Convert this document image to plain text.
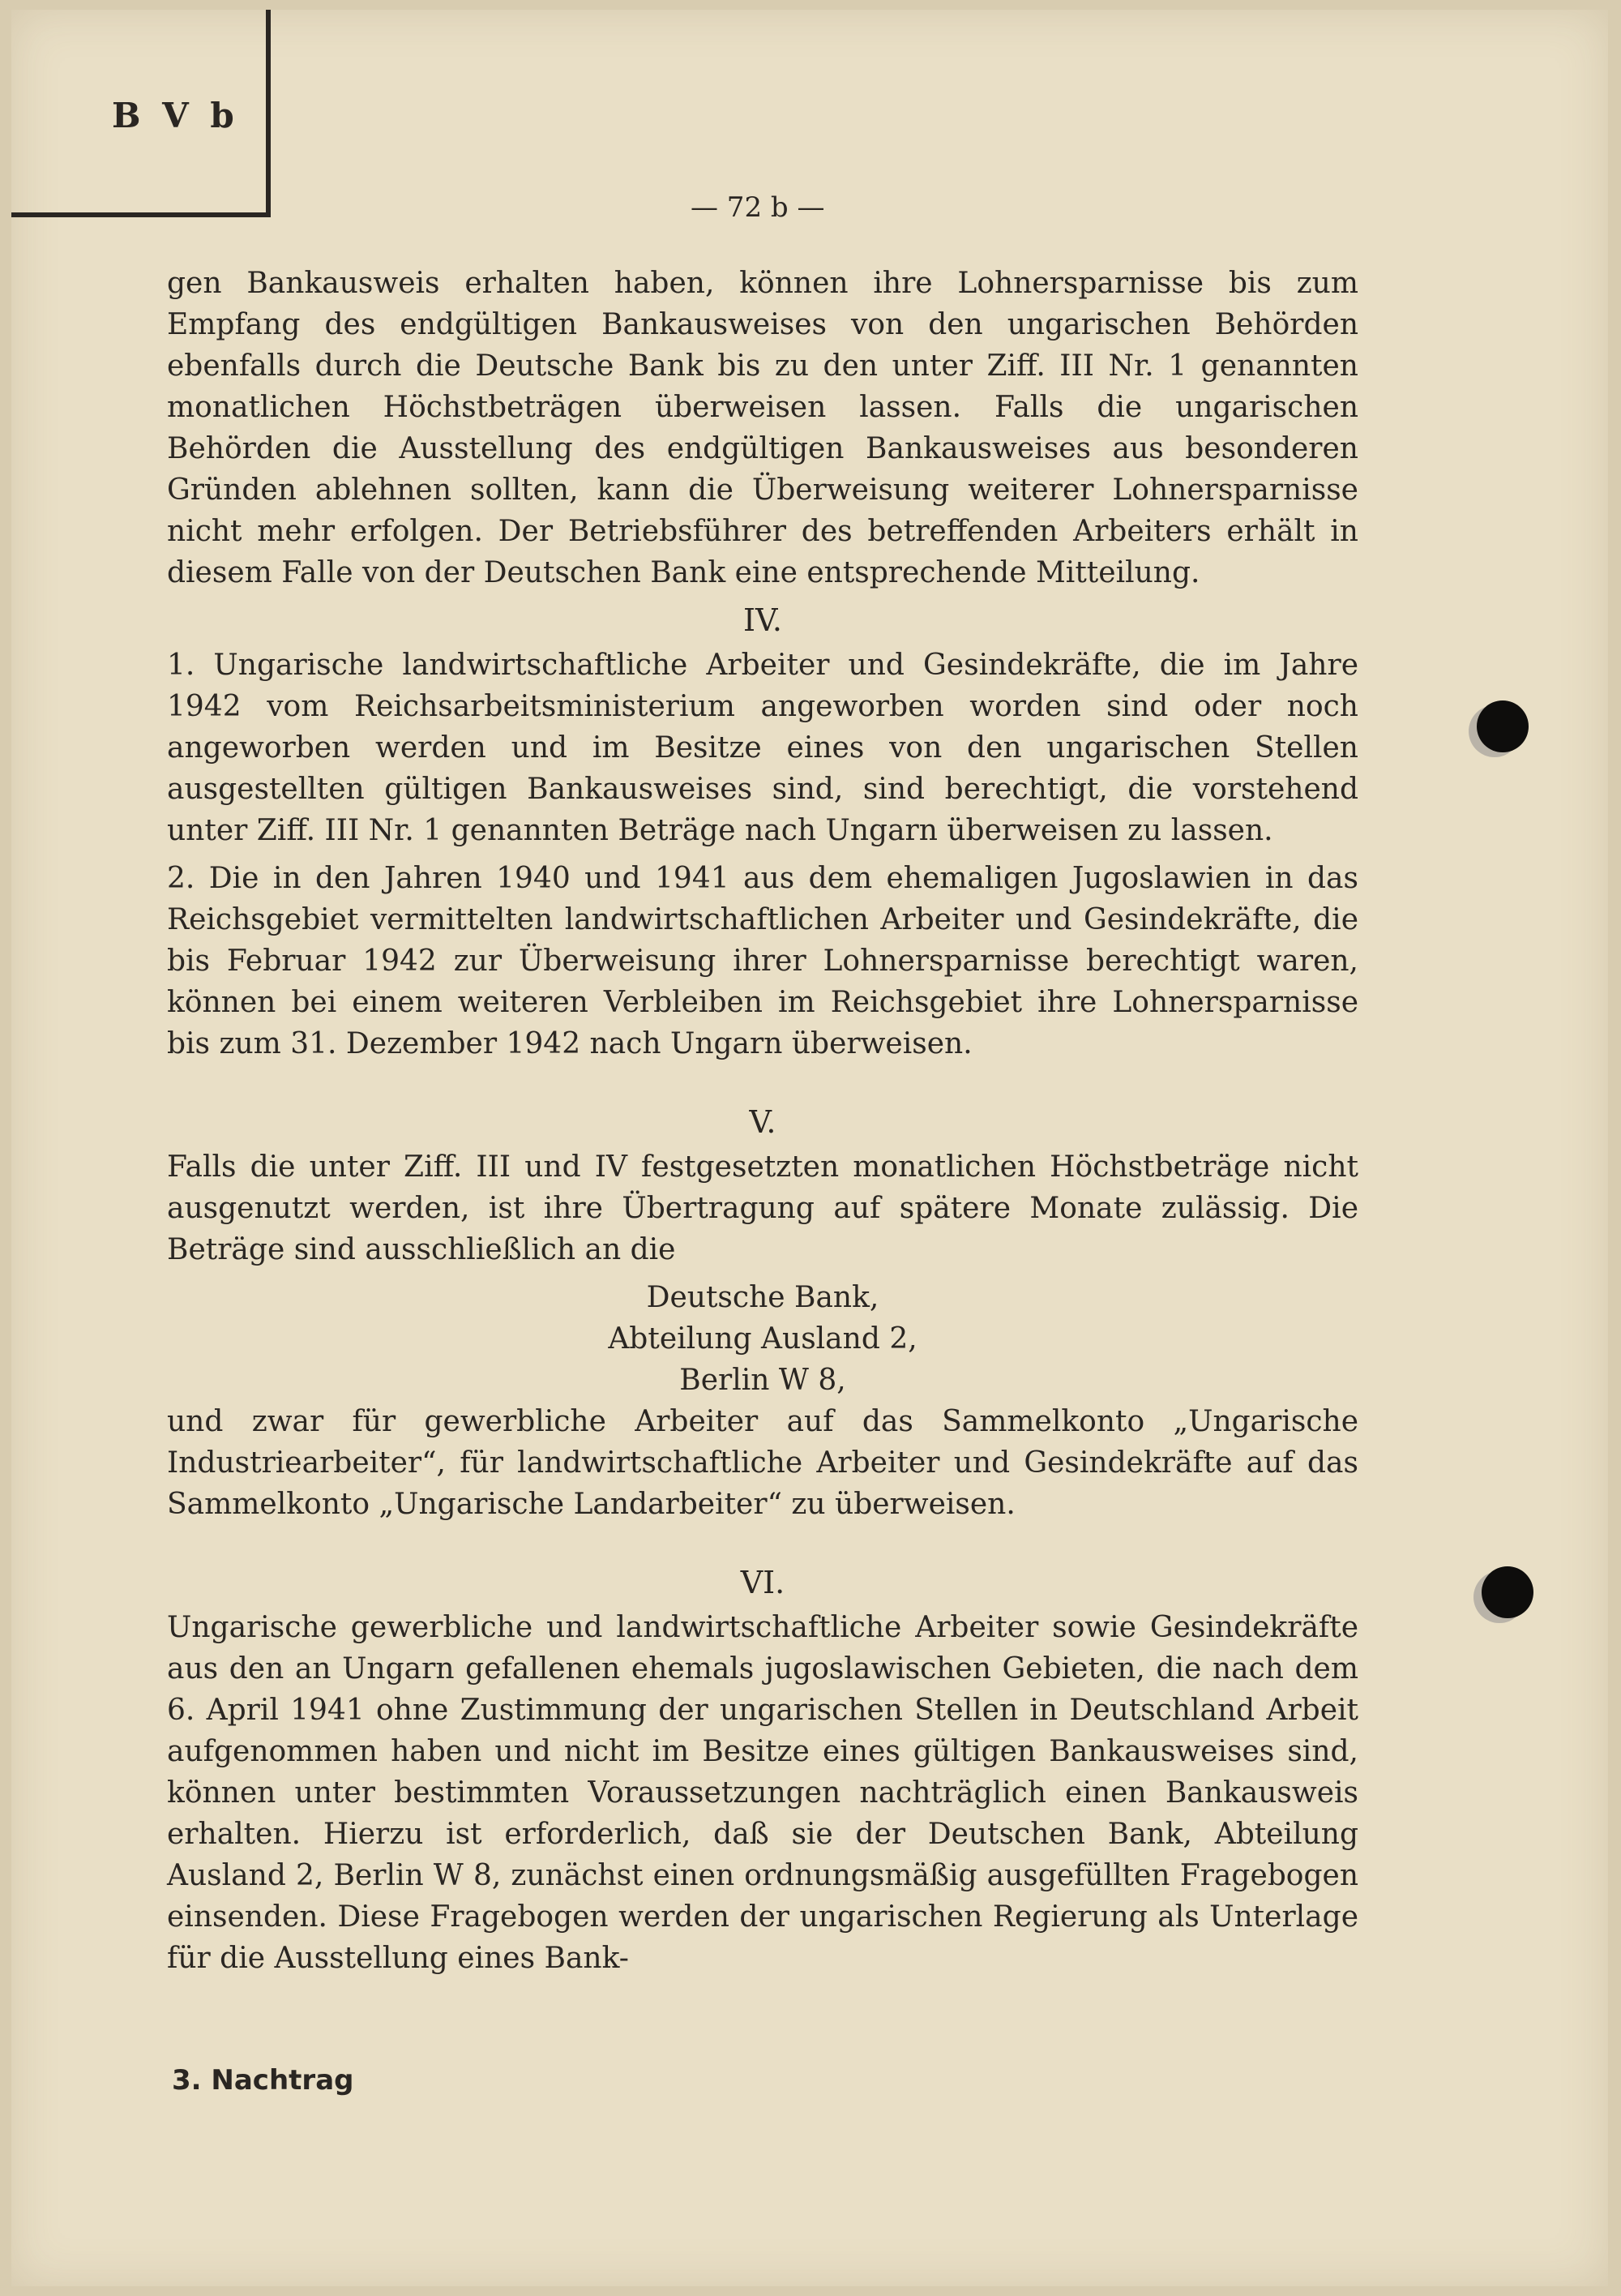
B V b
— 72 b —

gen Bankausweis erhalten haben, können ihre Lohnersparnisse bis zum Empfang des endgültigen Bankausweises von den ungarischen Behörden ebenfalls durch die Deutsche Bank bis zu den unter Ziff. III Nr. 1 genannten monatlichen Höchstbeträgen überweisen lassen. Falls die ungarischen Behörden die Ausstellung des endgültigen Bankausweises aus besonderen Gründen ablehnen sollten, kann die Überweisung weiterer Lohnersparnisse nicht mehr erfolgen. Der Betriebsführer des betreffenden Arbeiters erhält in diesem Falle von der Deutschen Bank eine entsprechende Mitteilung.

IV.

1. Ungarische landwirtschaftliche Arbeiter und Gesindekräfte, die im Jahre 1942 vom Reichsarbeitsministerium angeworben worden sind oder noch angeworben werden und im Besitze eines von den ungarischen Stellen ausgestellten gültigen Bankausweises sind, sind berechtigt, die vorstehend unter Ziff. III Nr. 1 genannten Beträge nach Ungarn überweisen zu lassen.

2. Die in den Jahren 1940 und 1941 aus dem ehemaligen Jugoslawien in das Reichsgebiet vermittelten landwirtschaftlichen Arbeiter und Gesindekräfte, die bis Februar 1942 zur Überweisung ihrer Lohnersparnisse berechtigt waren, können bei einem weiteren Verbleiben im Reichsgebiet ihre Lohnersparnisse bis zum 31. Dezember 1942 nach Ungarn überweisen.

V.

Falls die unter Ziff. III und IV festgesetzten monatlichen Höchstbeträge nicht ausgenutzt werden, ist ihre Übertragung auf spätere Monate zulässig. Die Beträge sind ausschließlich an die

Deutsche Bank,

Abteilung Ausland 2,

Berlin W 8,

und zwar für gewerbliche Arbeiter auf das Sammelkonto „Ungarische Industriearbeiter“, für landwirtschaftliche Arbeiter und Gesindekräfte auf das Sammelkonto „Ungarische Landarbeiter“ zu überweisen.

VI.

Ungarische gewerbliche und landwirtschaftliche Arbeiter sowie Gesindekräfte aus den an Ungarn gefallenen ehemals jugoslawischen Gebieten, die nach dem 6. April 1941 ohne Zustimmung der ungarischen Stellen in Deutschland Arbeit aufgenommen haben und nicht im Besitze eines gültigen Bankausweises sind, können unter bestimmten Voraussetzungen nachträglich einen Bankausweis erhalten. Hierzu ist erforderlich, daß sie der Deutschen Bank, Abteilung Ausland 2, Berlin W 8, zunächst einen ordnungsmäßig ausgefüllten Fragebogen einsenden. Diese Fragebogen werden der ungarischen Regierung als Unterlage für die Ausstellung eines Bank-

3. Nachtrag
